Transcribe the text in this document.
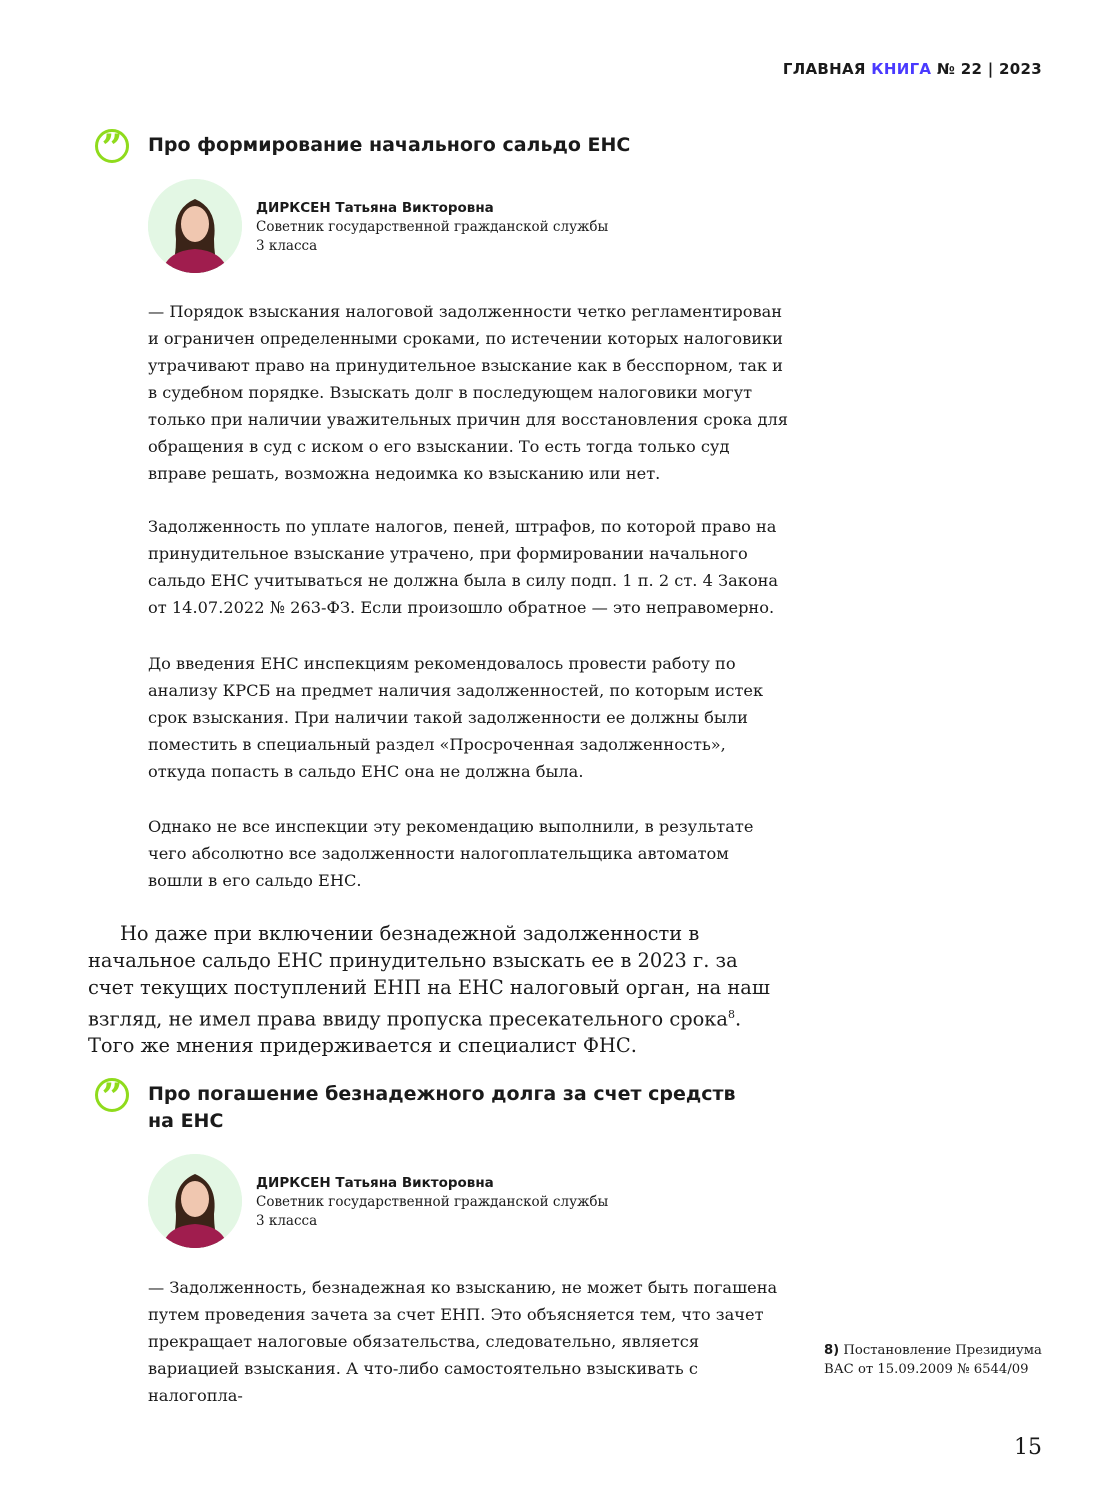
ГЛАВНАЯ КНИГА № 22 | 2023
” Про формирование начального сальдо ЕНС
ДИРКСЕН Татьяна Викторовна
Советник государственной гражданской службы
3 класса

— Порядок взыскания налоговой задолженности четко регламентирован и ограничен определенными сроками, по истечении которых налоговики утрачивают право на принудительное взыскание как в бесспорном, так и в судебном порядке. Взыскать долг в последующем налоговики могут только при наличии уважительных причин для восстановления срока для обращения в суд с иском о его взыскании. То есть тогда только суд вправе решать, возможна недоимка ко взысканию или нет.

Задолженность по уплате налогов, пеней, штрафов, по которой право на принудительное взыскание утрачено, при формировании начального сальдо ЕНС учитываться не должна была в силу подп. 1 п. 2 ст. 4 Закона от 14.07.2022 № 263-ФЗ. Если произошло обратное — это неправомерно.

До введения ЕНС инспекциям рекомендовалось провести работу по анализу КРСБ на предмет наличия задолженностей, по которым истек срок взыскания. При наличии такой задолженности ее должны были поместить в специальный раздел «Просроченная задолженность», откуда попасть в сальдо ЕНС она не должна была.

Однако не все инспекции эту рекомендацию выполнили, в результате чего абсолютно все задолженности налогоплательщика автоматом вошли в его сальдо ЕНС.

Но даже при включении безнадежной задолженности в начальное сальдо ЕНС принудительно взыскать ее в 2023 г. за счет текущих поступлений ЕНП на ЕНС налоговый орган, на наш взгляд, не имел права ввиду пропуска пресекательного срока$^8$. Того же мнения придерживается и специалист ФНС.

” Про погашение безнадежного долга за счет средств
на ЕНС
ДИРКСЕН Татьяна Викторовна
Советник государственной гражданской службы
3 класса

— Задолженность, безнадежная ко взысканию, не может быть погашена путем проведения зачета за счет ЕНП. Это объясняется тем, что зачет прекращает налоговые обязательства, следовательно, является вариацией взыскания. А что-либо самостоятельно взыскивать с налогопла-

8) Постановление Президиума
ВАС от 15.09.2009 № 6544/09
15
